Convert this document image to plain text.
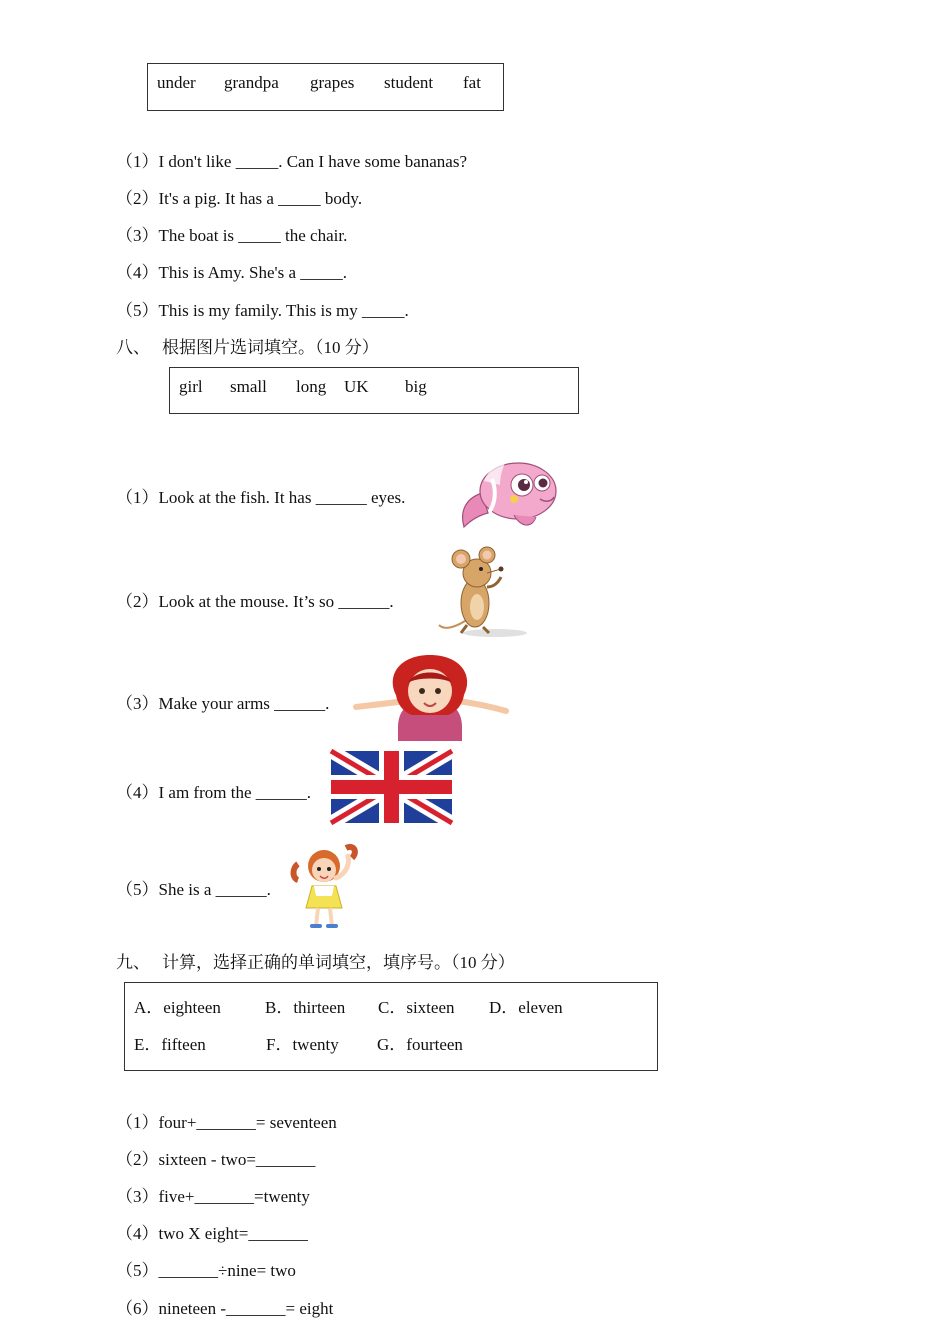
under grandpa grapes student fat
（1）I don't like _____. Can I have some bananas?
（2）It's a pig. It has a _____ body.
（3）The boat is _____ the chair.
（4）This is Amy. She's a _____.
（5）This is my family. This is my _____.
八、 根据图片选词填空。（10 分）
girl small long UK big
（1）Look at the fish. It has ______ eyes.
（2）Look at the mouse. It’s so ______.
（3）Make your arms ______.
（4）I am from the ______.
（5）She is a ______.
九、 计算，选择正确的单词填空，填序号。（10 分）
A．eighteen	B．thirteen C．sixteen D．eleven
E．fifteen	F．twenty G．fourteen
（1）four+_______= seventeen
（2）sixteen - two=_______
（3）five+_______=twenty
（4）two X eight=_______
（5）_______÷nine= two
（6）nineteen -_______= eight
